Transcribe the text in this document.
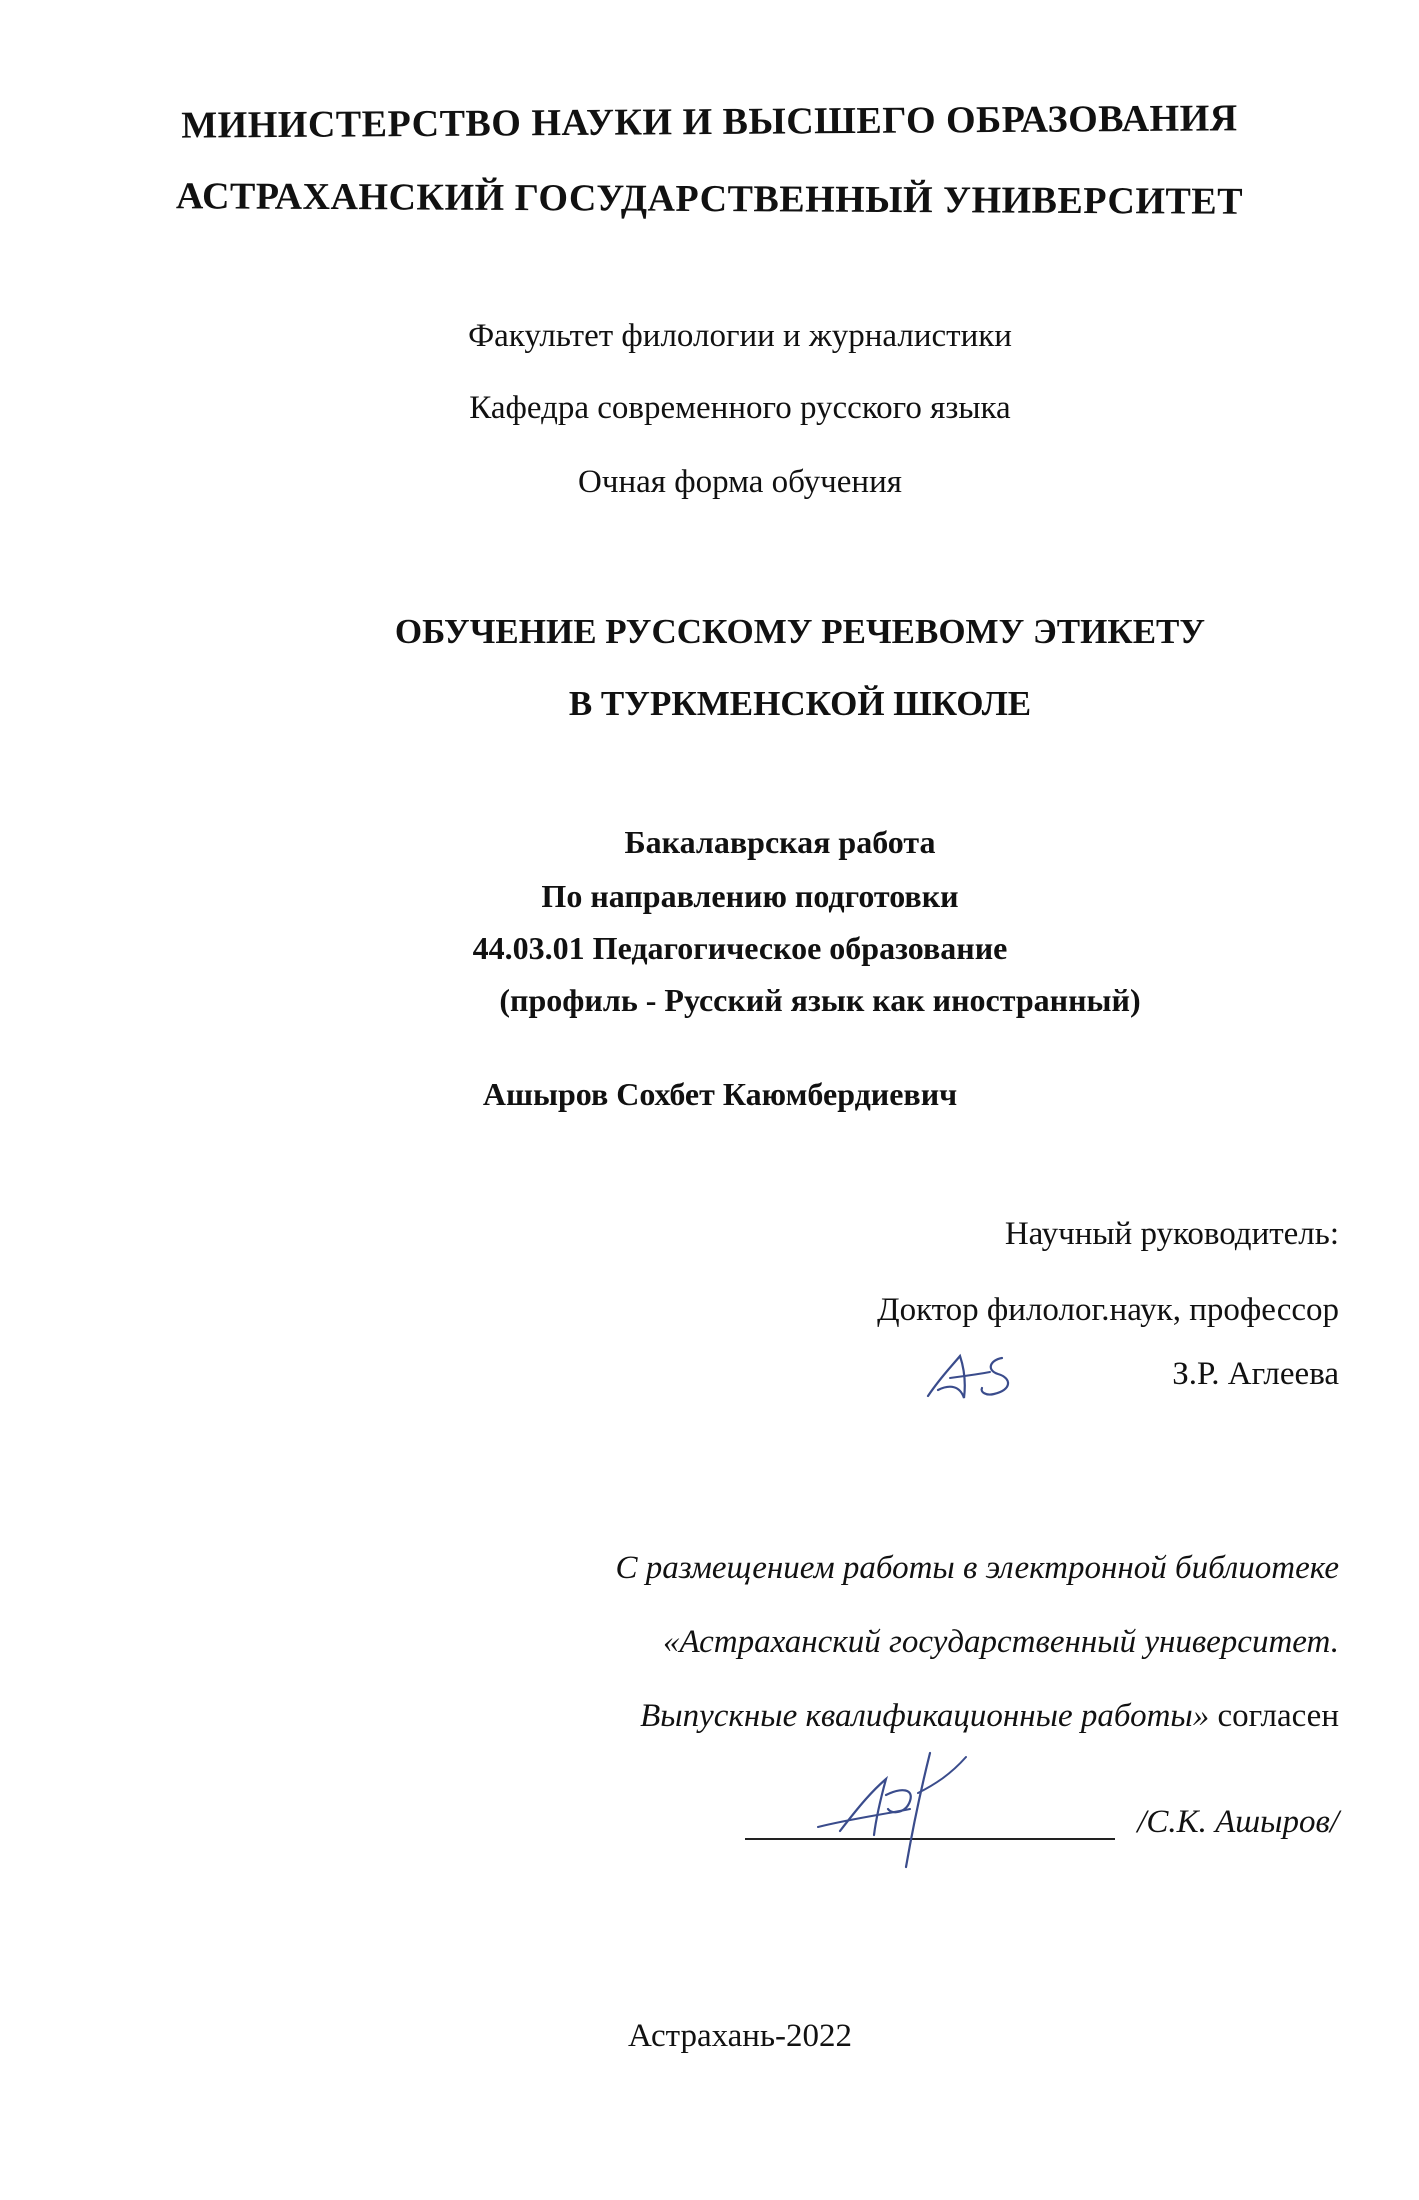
МИНИСТЕРСТВО НАУКИ И ВЫСШЕГО ОБРАЗОВАНИЯ
АСТРАХАНСКИЙ ГОСУДАРСТВЕННЫЙ УНИВЕРСИТЕТ
Факультет филологии и журналистики
Кафедра современного русского языка
Очная форма обучения
ОБУЧЕНИЕ РУССКОМУ РЕЧЕВОМУ ЭТИКЕТУ
В ТУРКМЕНСКОЙ ШКОЛЕ
Бакалаврская работа
По направлению подготовки
44.03.01 Педагогическое образование
(профиль - Русский язык как иностранный)
Ашыров Сохбет Каюмбердиевич
Научный руководитель:
Доктор филолог.наук, профессор
З.Р. Аглеева
С размещением работы в электронной библиотеке
«Астраханский государственный университет.
Выпускные квалификационные работы» согласен
/С.К. Ашыров/
Астрахань-2022
